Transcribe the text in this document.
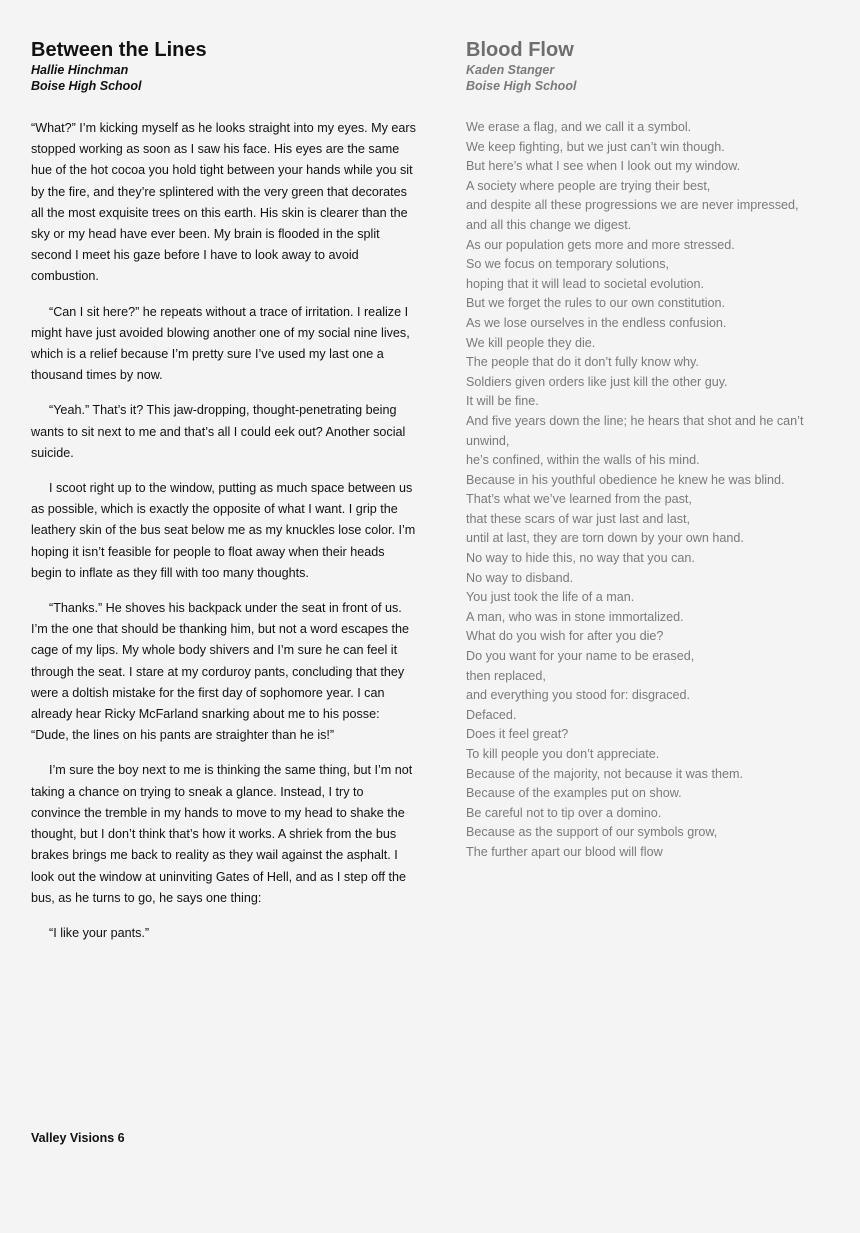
Between the Lines
Hallie Hinchman
Boise High School

“What?” I’m kicking myself as he looks straight into my eyes. My ears stopped working as soon as I saw his face. His eyes are the same hue of the hot cocoa you hold tight between your hands while you sit by the fire, and they’re splintered with the very green that decorates all the most exquisite trees on this earth. His skin is clearer than the sky or my head have ever been. My brain is flooded in the split second I meet his gaze before I have to look away to avoid combustion.

“Can I sit here?” he repeats without a trace of irritation. I realize I might have just avoided blowing another one of my social nine lives, which is a relief because I’m pretty sure I’ve used my last one a thousand times by now.

“Yeah.” That’s it? This jaw-dropping, thought-penetrating being wants to sit next to me and that’s all I could eek out? Another social suicide.

I scoot right up to the window, putting as much space between us as possible, which is exactly the opposite of what I want. I grip the leathery skin of the bus seat below me as my knuckles lose color. I’m hoping it isn’t feasible for people to float away when their heads begin to inflate as they fill with too many thoughts.

“Thanks.” He shoves his backpack under the seat in front of us. I’m the one that should be thanking him, but not a word escapes the cage of my lips. My whole body shivers and I’m sure he can feel it through the seat. I stare at my corduroy pants, concluding that they were a doltish mistake for the first day of sophomore year. I can already hear Ricky McFarland snarking about me to his posse: “Dude, the lines on his pants are straighter than he is!”

I’m sure the boy next to me is thinking the same thing, but I’m not taking a chance on trying to sneak a glance. Instead, I try to convince the tremble in my hands to move to my head to shake the thought, but I don’t think that’s how it works. A shriek from the bus brakes brings me back to reality as they wail against the asphalt. I look out the window at uninviting Gates of Hell, and as I step off the bus, as he turns to go, he says one thing:

“I like your pants.”

Blood Flow
Kaden Stanger
Boise High School
We erase a flag, and we call it a symbol.
We keep fighting, but we just can’t win though.
But here’s what I see when I look out my window.
A society where people are trying their best,
and despite all these progressions we are never impressed,
and all this change we digest.
As our population gets more and more stressed.
So we focus on temporary solutions,
hoping that it will lead to societal evolution.
But we forget the rules to our own constitution.
As we lose ourselves in the endless confusion.
We kill people they die.
The people that do it don’t fully know why.
Soldiers given orders like just kill the other guy.
It will be fine.
And five years down the line; he hears that shot and he can’t unwind,
he’s confined, within the walls of his mind.
Because in his youthful obedience he knew he was blind.
That’s what we’ve learned from the past,
that these scars of war just last and last,
until at last, they are torn down by your own hand.
No way to hide this, no way that you can.
No way to disband.
You just took the life of a man.
A man, who was in stone immortalized.
What do you wish for after you die?
Do you want for your name to be erased,
then replaced,
and everything you stood for: disgraced.
Defaced.
Does it feel great?
To kill people you don’t appreciate.
Because of the majority, not because it was them.
Because of the examples put on show.
Be careful not to tip over a domino.
Because as the support of our symbols grow,
The further apart our blood will flow
Valley Visions 6
